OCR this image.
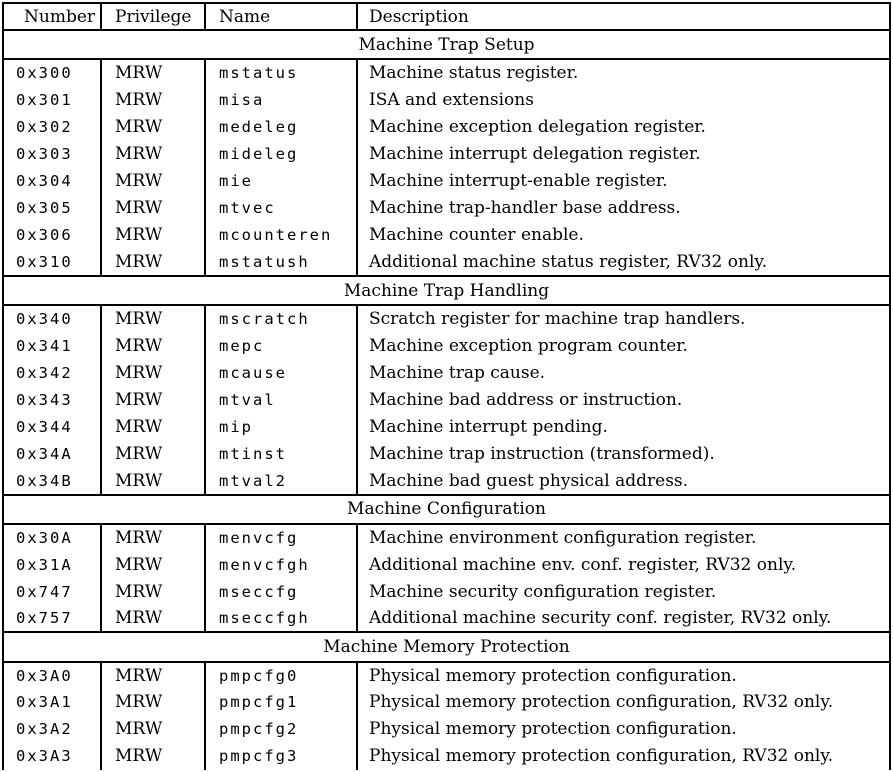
Number	Privilege	Name	Description
Machine Trap Setup			
0x300	MRW	mstatus	Machine status register.
0x301	MRW	misa	ISA and extensions
0x302	MRW	medeleg	Machine exception delegation register.
0x303	MRW	mideleg	Machine interrupt delegation register.
0x304	MRW	mie	Machine interrupt-enable register.
0x305	MRW	mtvec	Machine trap-handler base address.
0x306	MRW	mcounteren	Machine counter enable.
0x310	MRW	mstatush	Additional machine status register, RV32 only.
Machine Trap Handling			
0x340	MRW	mscratch	Scratch register for machine trap handlers.
0x341	MRW	mepc	Machine exception program counter.
0x342	MRW	mcause	Machine trap cause.
0x343	MRW	mtval	Machine bad address or instruction.
0x344	MRW	mip	Machine interrupt pending.
0x34A	MRW	mtinst	Machine trap instruction (transformed).
0x34B	MRW	mtval2	Machine bad guest physical address.
Machine Configuration			
0x30A	MRW	menvcfg	Machine environment configuration register.
0x31A	MRW	menvcfgh	Additional machine env. conf. register, RV32 only.
0x747	MRW	mseccfg	Machine security configuration register.
0x757	MRW	mseccfgh	Additional machine security conf. register, RV32 only.
Machine Memory Protection			
0x3A0	MRW	pmpcfg0	Physical memory protection configuration.
0x3A1	MRW	pmpcfg1	Physical memory protection configuration, RV32 only.
0x3A2	MRW	pmpcfg2	Physical memory protection configuration.
0x3A3	MRW	pmpcfg3	Physical memory protection configuration, RV32 only.
